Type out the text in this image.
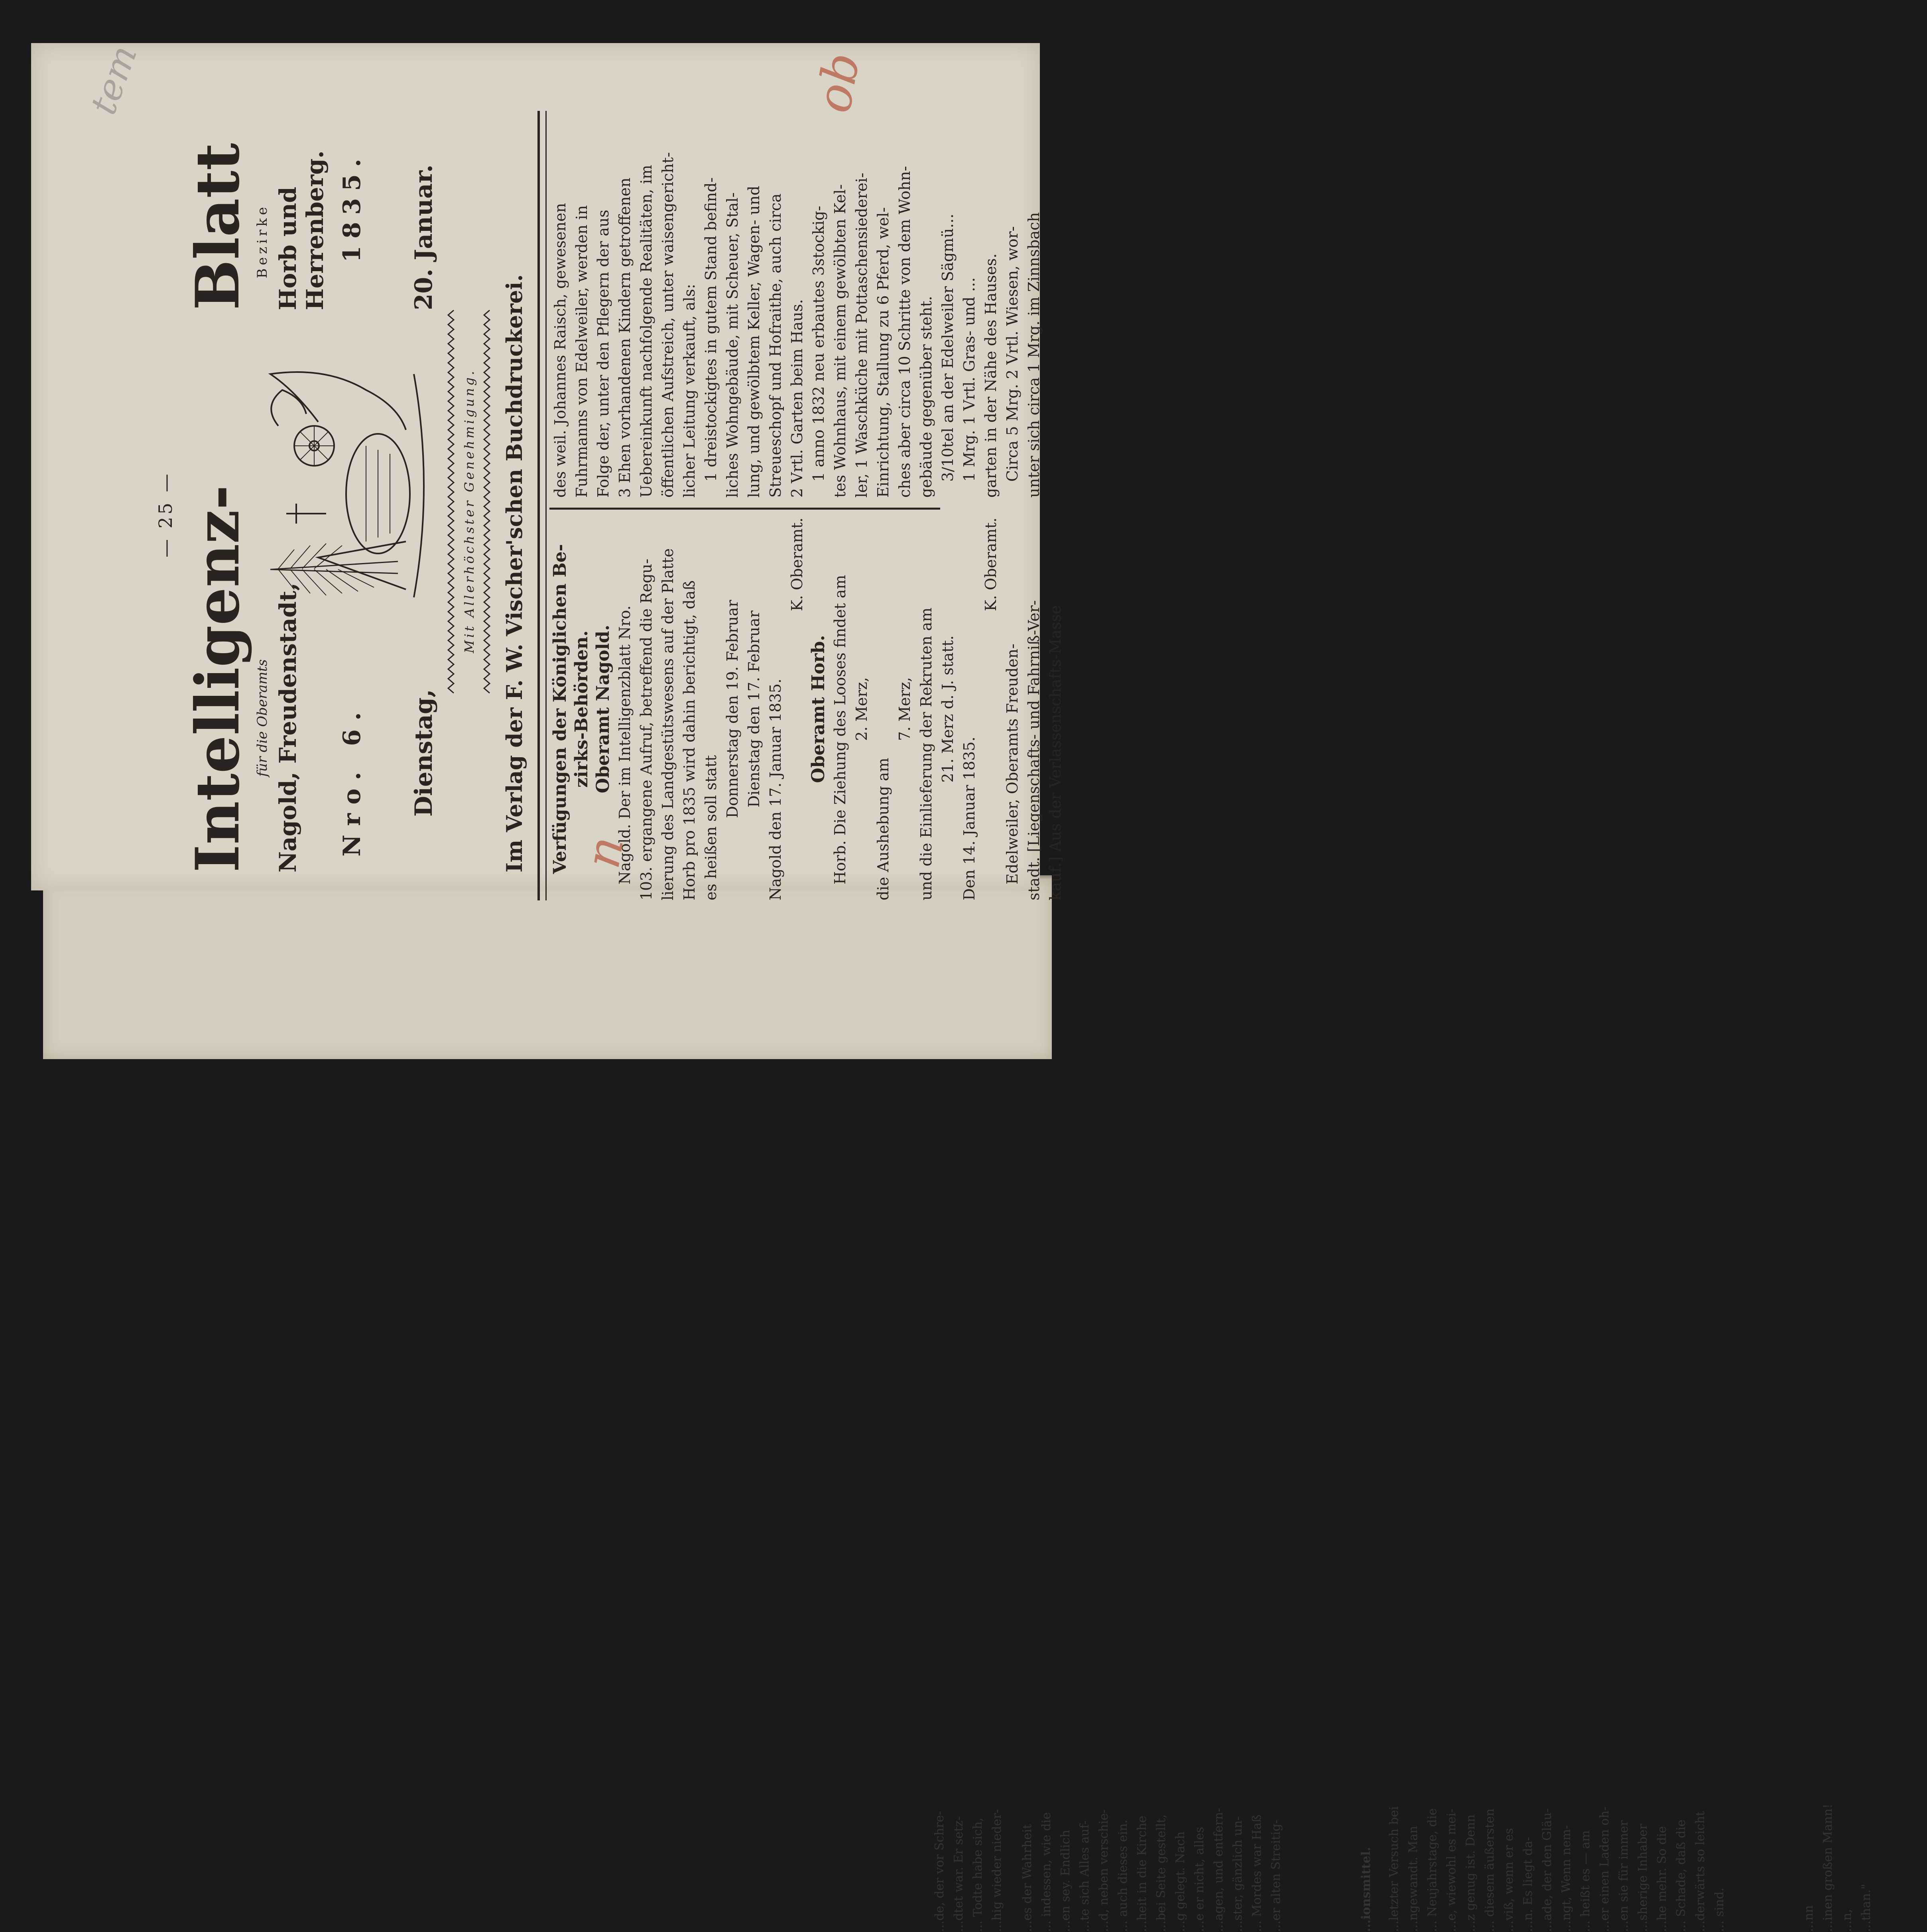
...de, der vor Schre- ...dtet war. Er setz- ... Todte habe sich, ...hig wieder nieder- ...es der Wahrheit ... indessen, wie die ...en sey. Endlich ...te sich Alles auf- ...d, neben verschie- ... auch dieses ein. ...heit in die Kirche ...bei Seite gestellt, ...g gelegt. Nach ...e er nicht, alles ...agen, und entfern- ...ster, gänzlich un- ... Mordes war Haß ...er alten Streitig-	...letzter Versuch bei ...ngewandt. Man ... Neujahrstage, die ...e, wiewohl es mei- ...z genug ist. Denn ... diesem äußersten ...viß, wenn er es ...n. Es liegt da- ...ade, der den Gläu- ...ngt, Wenn nem- ... heißt es — am ...er einen Laden oh- ...en sie für immer ...sherige Inhaber ...he mehr. So die ... Schade, daß die ...derwärts so leicht ... sind.	...nn ...inen großen Mann! ...n, ...than."
...ionsmittel.
— 25 — Intelligenz-
Blatt
für die Oberamts
Bezirke
Nagold, Freudenstadt,
Horb und Herrenberg.
Nro. 6.
1835.
Dienstag,
20. Januar.
Mit Allerhöchster Genehmigung. Im Verlag der F. W. Vischer'schen Buchdruckerei. Verfügungen der Königlichen Be- zirks-Behörden. Oberamt Nagold. Nagold. Der im Intelligenzblatt Nro. 103. ergangene Aufruf, betreffend die Regu- lierung des Landgestütswesens auf der Platte Horb pro 1835 wird dahin berichtigt, daß es heißen soll statt

Donnerstag den 19. Februar Dienstag den 17. Februar Nagold den 17. Januar 1835.

K. Oberamt.

Oberamt Horb. Horb. Die Ziehung des Looses findet am 2. Merz,

die Aushebung am

7. Merz, und die Einlieferung der Rekruten am 21. Merz d. J. statt.

Den 14. Januar 1835.

K. Oberamt.

Edelweiler, Oberamts Freuden- stadt. [Liegenschafts- und Fahrniß-Ver- kauf.] Aus der Verlassenschafts-Masse

des weil. Johannes Raisch, gewesenen Fuhrmanns von Edelweiler, werden in Folge der, unter den Pflegern der aus 3 Ehen vorhandenen Kindern getroffenen Uebereinkunft nachfolgende Realitäten, im öffentlichen Aufstreich, unter waisengericht- licher Leitung verkauft, als: 1 dreistockigtes in gutem Stand befind- liches Wohngebäude, mit Scheuer, Stal- lung, und gewölbtem Keller, Wagen- und Streueschopf und Hofraithe, auch circa 2 Vrtl. Garten beim Haus. 1 anno 1832 neu erbautes 3stockig- tes Wohnhaus, mit einem gewölbten Kel- ler, 1 Waschküche mit Pottaschensiederei- Einrichtung, Stallung zu 6 Pferd, wel- ches aber circa 10 Schritte von dem Wohn- gebäude gegenüber steht. 3/10tel an der Edelweiler Sägmü... 1 Mrg. 1 Vrtl. Gras- und ... garten in der Nähe des Hauses. Circa 5 Mrg. 2 Vrtl. Wiesen, wor- unter sich circa 1 Mrg. im Zinnsbach

tem	ob
n
